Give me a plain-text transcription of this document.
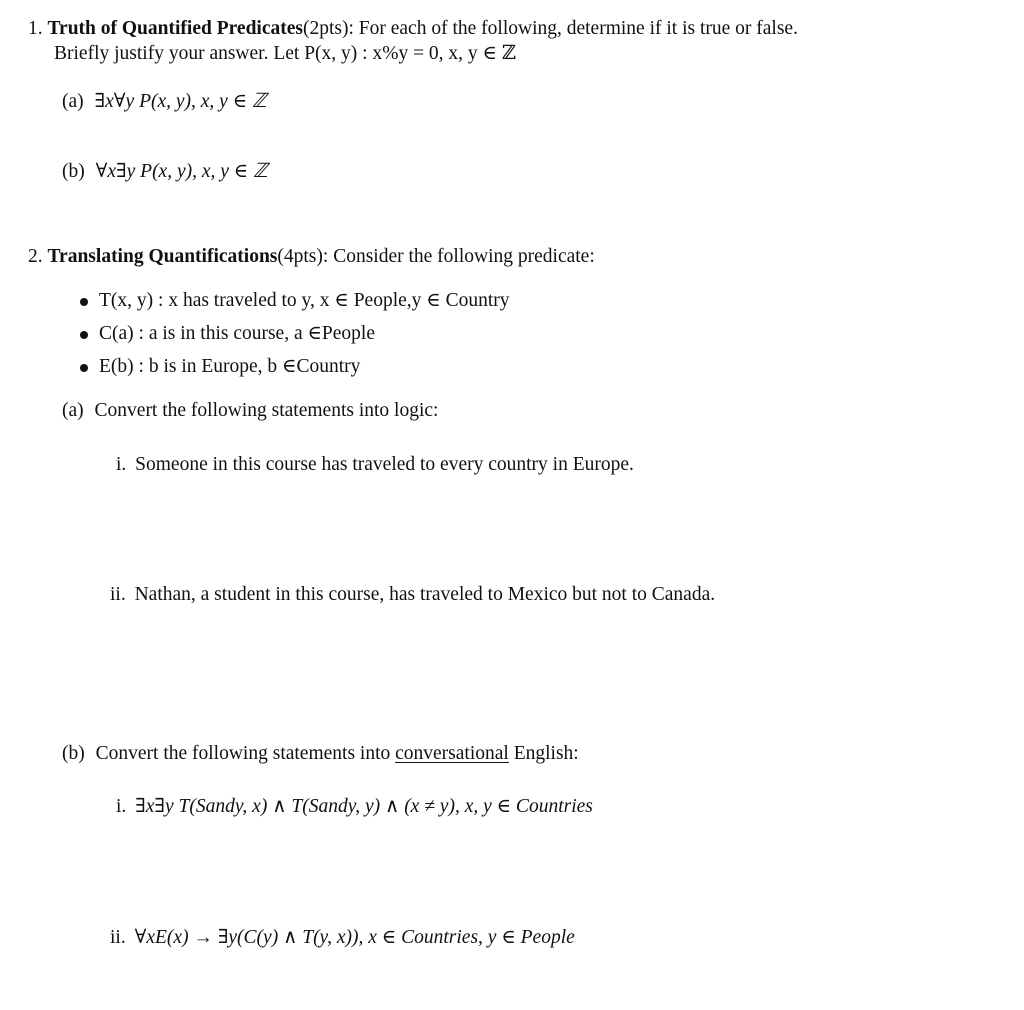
1. Truth of Quantified Predicates(2pts): For each of the following, determine if it is true or false.
Briefly justify your answer. Let P(x, y) : x%y = 0, x, y ∈ ℤ
(a) ∃x∀y P(x, y), x, y ∈ ℤ
(b) ∀x∃y P(x, y), x, y ∈ ℤ
2. Translating Quantifications(4pts): Consider the following predicate:
T(x, y) : x has traveled to y, x ∈ People,y ∈ Country
C(a) : a is in this course, a ∈People
E(b) : b is in Europe, b ∈Country
(a) Convert the following statements into logic:
i. Someone in this course has traveled to every country in Europe.
ii. Nathan, a student in this course, has traveled to Mexico but not to Canada.
(b) Convert the following statements into conversational English:
i. ∃x∃y T(Sandy, x) ∧ T(Sandy, y) ∧ (x ≠ y), x, y ∈ Countries
ii. ∀xE(x) → ∃y(C(y) ∧ T(y, x)), x ∈ Countries, y ∈ People
